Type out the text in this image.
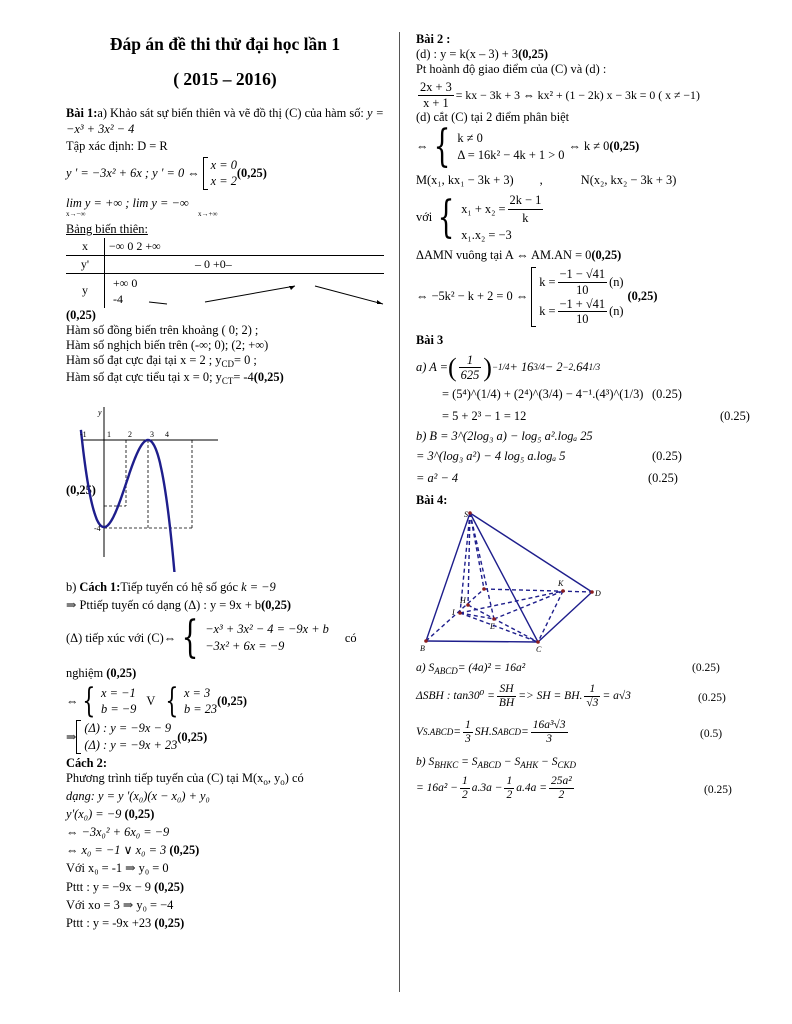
Đáp án đề thi thử đại học lần 1
( 2015 – 2016)

Bài 1:a) Khảo sát sự biến thiên và vẽ đồ thị (C) của hàm số: y = −x³ + 3x² − 4

Tập xác định: D = R

y ' = −3x² + 6x ; y ' = 0 ⇔
x = 0
x = 2
(0,25)
lim y = +∞ ; lim y = −∞
x→−∞	x→+∞

Bảng biến thiên:

x	−∞ 0 2 +∞
y'	– 0 +0–
y	+∞ 0
-4
(0,25)

Hàm số đồng biến trên khoảng ( 0; 2) ;

Hàm số nghịch biến trên (-∞; 0); (2; +∞)

Hàm số đạt cực đại tại x = 2 ; $y_{CD}= 0$ ;

Hàm số đạt cực tiểu tại x = 0; $y_{CT}= -4(0,25)$

(0,25)
-1	1 2 3 4
-4
y

b) Cách 1:Tiếp tuyến có hệ số góc k = −9

⇒ Pttiếp tuyến có dạng (Δ) : y = 9x + b(0,25)

(Δ) tiếp xúc với (C)⇔ { −x³ + 3x² − 4 = −9x + b
−3x² + 6x = −9
có

nghiệm (0,25)

⇔ { x = −1
b = −9
V { x = 3
b = 23
(0,25)
⇒
(Δ) : y = −9x − 9
(Δ) : y = −9x + 23
(0,25)

Cách 2:

Phương trình tiếp tuyến của (C) tại $M(x_o$, $y_o$) có

dạng: y = y '(x₀)(x − x₀) + y₀

y'(x₀) = −9 (0,25)

⇔ −3x₀² + 6x₀ = −9

⇔ x₀ = −1 ∨ x₀ = 3 (0,25)

Với x₀ = -1 ⇒ y₀ = 0

Pttt : y = −9x − 9 (0,25)

Với xo = 3 ⇒ y₀ = −4

Pttt : y = -9x +23 (0,25)

Bài 2 :

(d) : y = k(x – 3) + 3(0,25)

Pt hoành độ giao điểm của (C) và (d) :

$\frac{2x + 3}{x + 1}$ = kx − 3k + 3 ⇔ kx² + (1 − 2k) x − 3k = 0 ( x ≠ −1)

(d) cắt (C) tại 2 điểm phân biệt

⇔ { k ≠ 0
Δ = 16k² − 4k + 1 > 0
⇔ k ≠ 0 (0,25)
M(x₁, kx₁ − 3k + 3) ,	N(x₂, kx₂ − 3k + 3)
với { $x_1 + x_2 = \frac{2k - 1}{k}$
x₁.x₂ = −3

ΔAMN vuông tại A ⇔ AM.AN = 0(0,25)

⇔ −5k² − k + 2 = 0 ⇔
$k = \frac{-1 - √41}{10} (n)$
$k = \frac{-1 + √41}{10} (n)$
(0,25)

Bài 3

a) A = ( $\frac{1}{625}$ ) −1/4 + 16 3/4 − 2 −2 .64 1/3
= (5⁴)^(1/4) + (2⁴)^(3/4) − 4⁻¹.(4³)^(1/3) (0.25)
= 5 + 2³ − 1 = 12	(0.25)
b) B = 3^(2log₃ a) − log₅ a².logₐ 25
= 3^(log₃ a²) − 4 log₅ a.logₐ 5	(0.25)
= a² − 4	(0.25)

Bài 4:

S
K
D
H
I
E
B	C
a) $S_{ABCD}= (4a)^2 = 16a^2$	(0.25)
ΔSBH : $\tan 30^0 = \frac{SH}{BH}$ => SH = BH. $\frac{1}{√3} = a√3$	(0.25)
V S.ABCD = $\frac{1}{3} SH.S$ ABCD = $\frac{\text{16a³√3}}{3}$	(0.5)
b) $S_{BHKC} = S_{ABCD} - S_{AHK} - S_{CKD}$
= $16a^2 - \frac{1}{2} a.3a - \frac{1}{2} a.4a = \frac{\text{25a²}}{2}$	(0.25)
